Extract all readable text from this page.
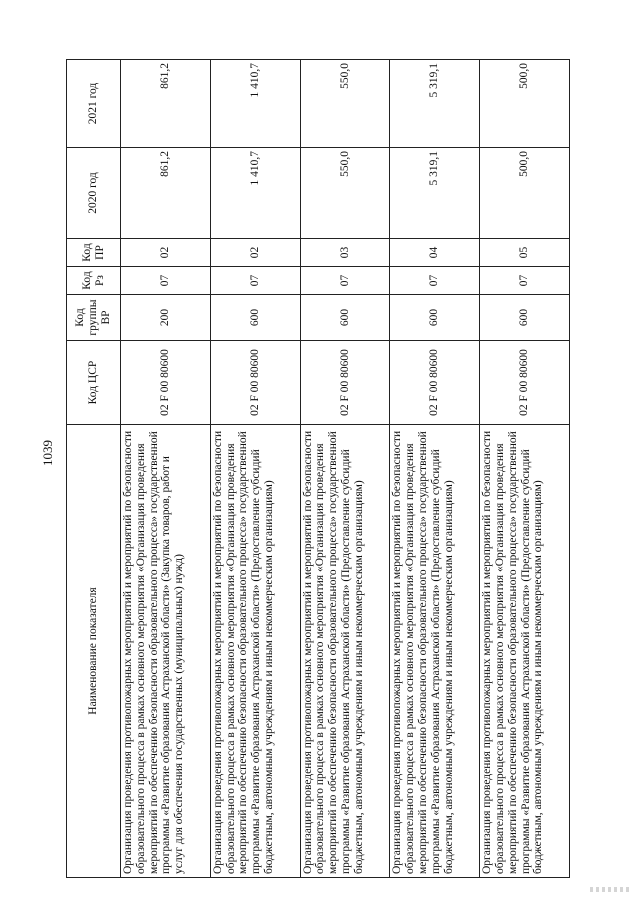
1039
Наименование показателя	Код ЦСР	Код группы ВР	Код Рз	Код ПР	2020 год	2021 год
Организация проведения противопожарных мероприятий и мероприятий по безопасности образовательного процесса в рамках основного мероприятия «Организация проведения мероприятий по обеспечению безопасности образовательного процесса» государственной программы «Развитие образования Астраханской области» (Закупка товаров, работ и услуг для обеспечения государственных (муниципальных) нужд)	02 F 00 80600	200	07	02	861,2	861,2
Организация проведения противопожарных мероприятий и мероприятий по безопасности образовательного процесса в рамках основного мероприятия «Организация проведения мероприятий по обеспечению безопасности образовательного процесса» государственной программы «Развитие образования Астраханской области» (Предоставление субсидий бюджетным, автономным учреждениям и иным некоммерческим организациям)	02 F 00 80600	600	07	02	1 410,7	1 410,7
Организация проведения противопожарных мероприятий и мероприятий по безопасности образовательного процесса в рамках основного мероприятия «Организация проведения мероприятий по обеспечению безопасности образовательного процесса» государственной программы «Развитие образования Астраханской области» (Предоставление субсидий бюджетным, автономным учреждениям и иным некоммерческим организациям)	02 F 00 80600	600	07	03	550,0	550,0
Организация проведения противопожарных мероприятий и мероприятий по безопасности образовательного процесса в рамках основного мероприятия «Организация проведения мероприятий по обеспечению безопасности образовательного процесса» государственной программы «Развитие образования Астраханской области» (Предоставление субсидий бюджетным, автономным учреждениям и иным некоммерческим организациям)	02 F 00 80600	600	07	04	5 319,1	5 319,1
Организация проведения противопожарных мероприятий и мероприятий по безопасности образовательного процесса в рамках основного мероприятия «Организация проведения мероприятий по обеспечению безопасности образовательного процесса» государственной программы «Развитие образования Астраханской области» (Предоставление субсидий бюджетным, автономным учреждениям и иным некоммерческим организациям)	02 F 00 80600	600	07	05	500,0	500,0
